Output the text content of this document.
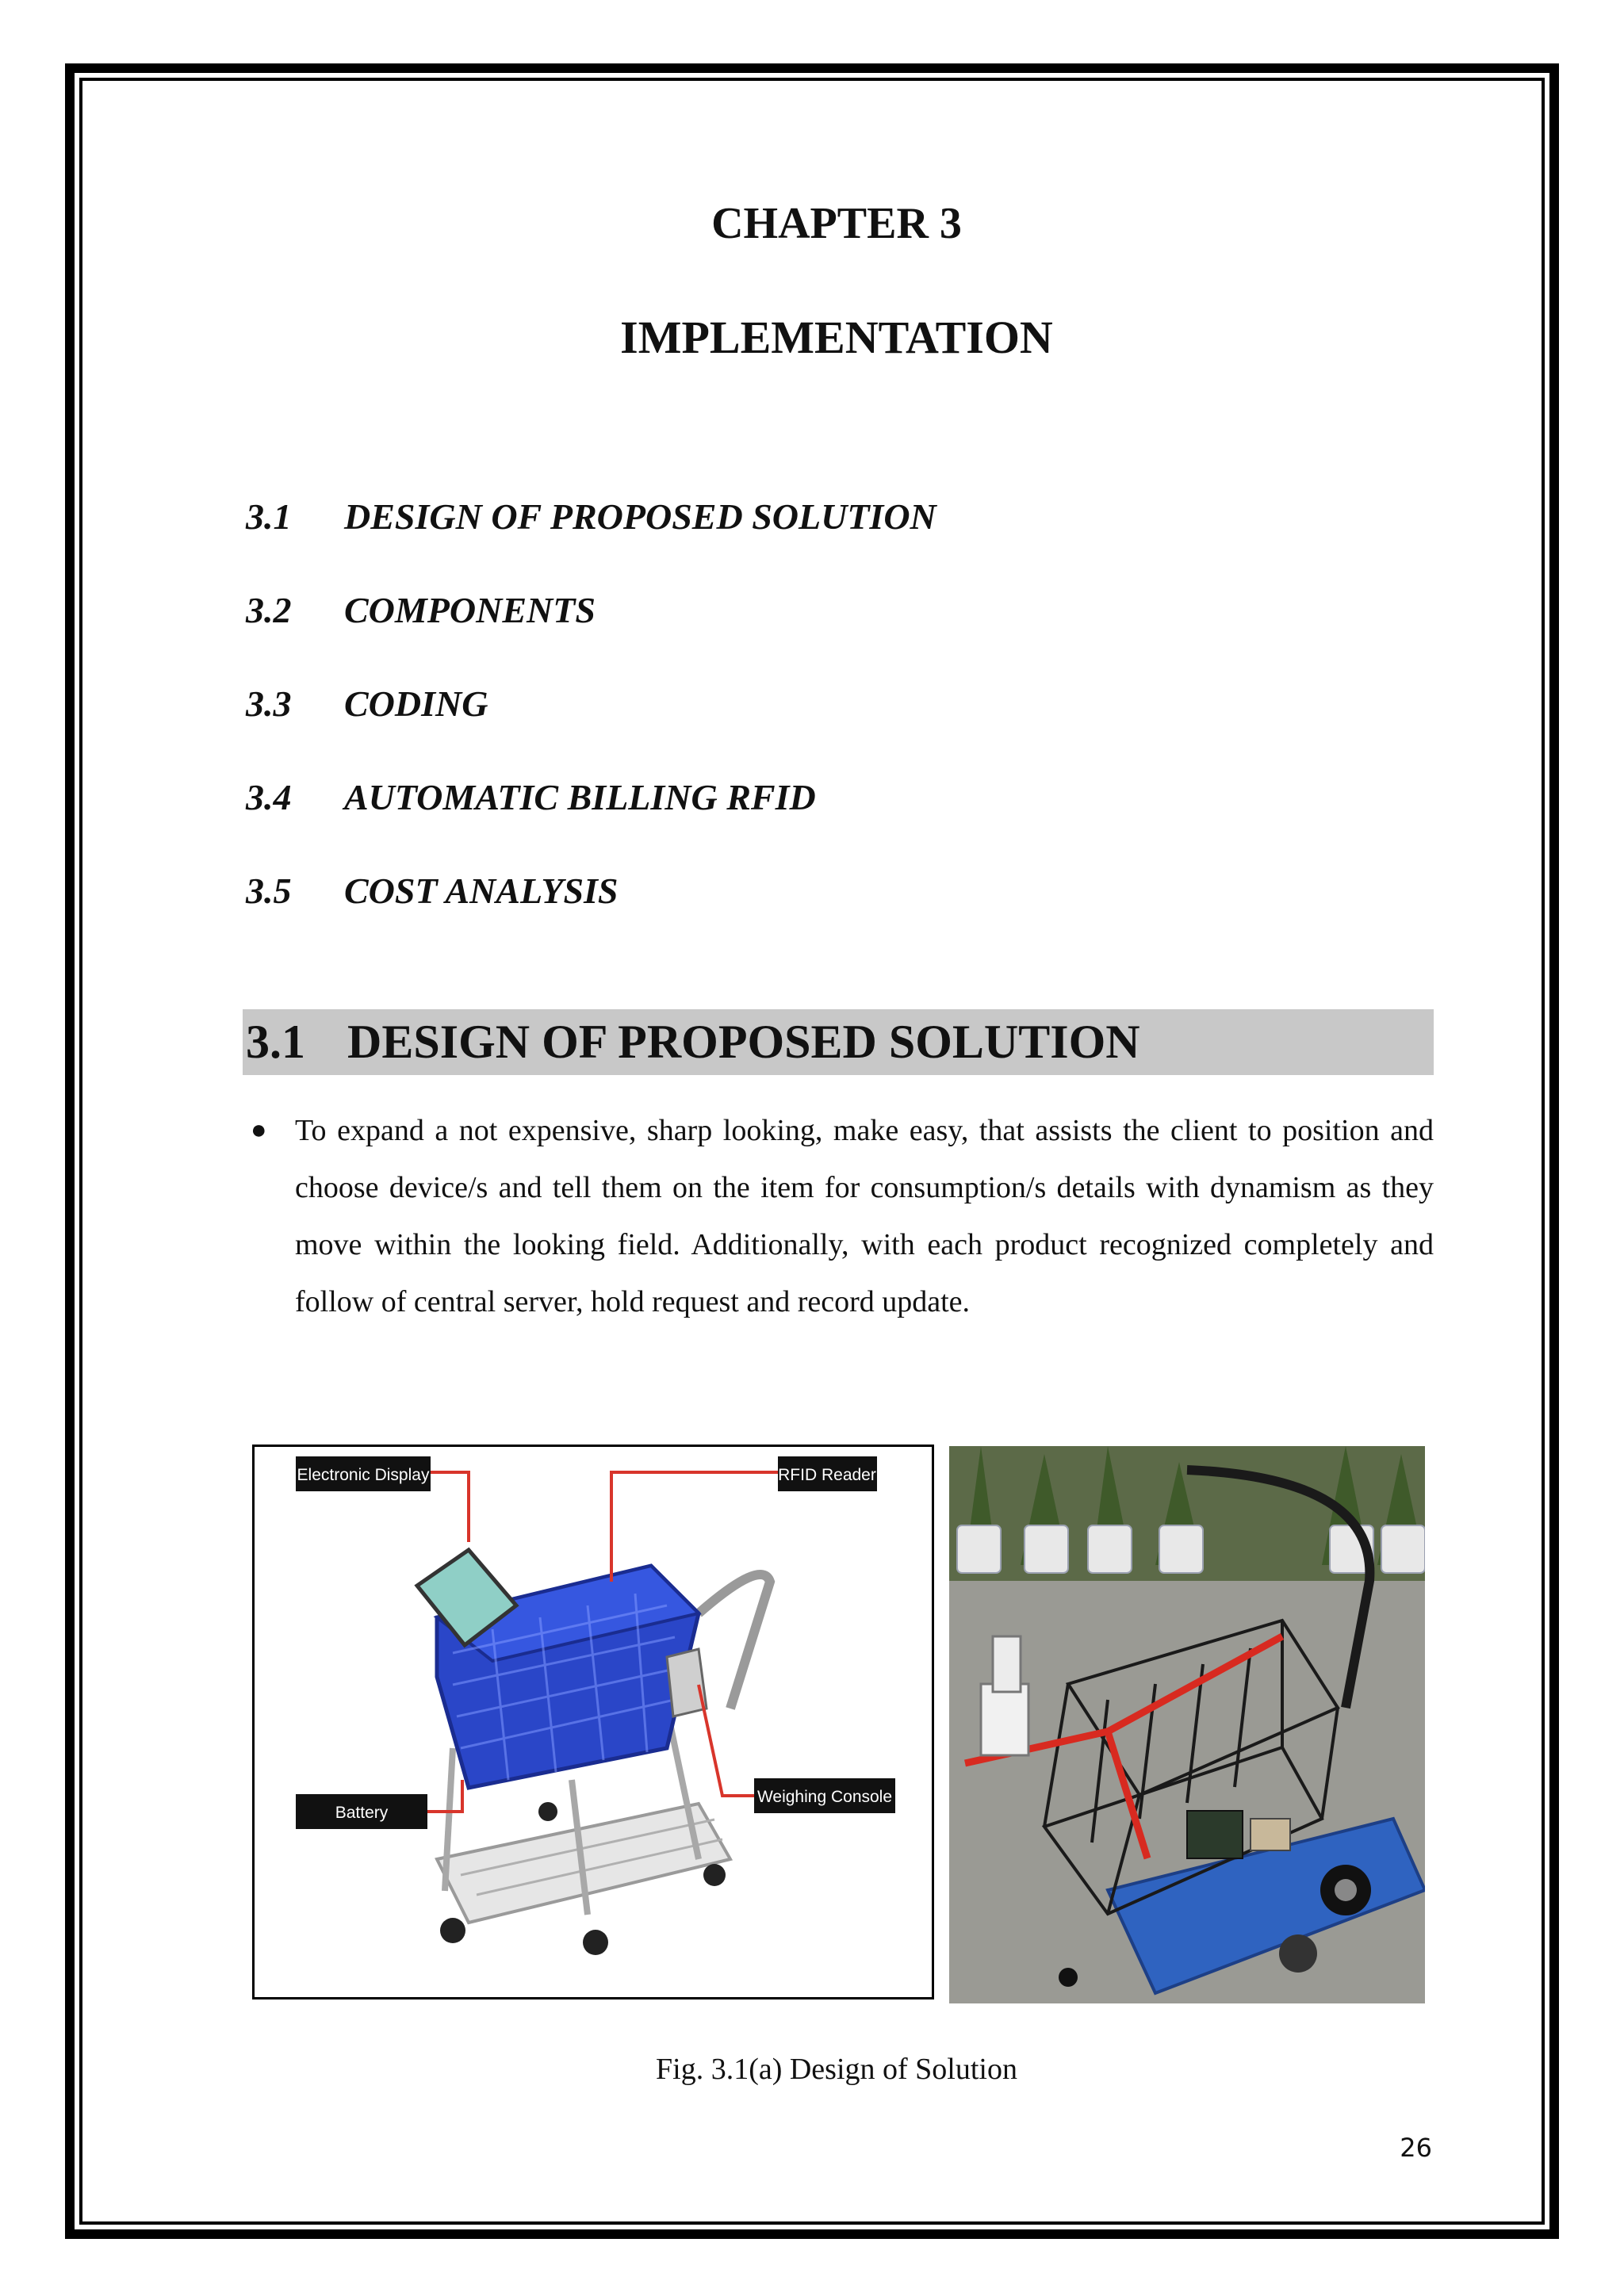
CHAPTER 3
IMPLEMENTATION
3.1	DESIGN OF PROPOSED SOLUTION
3.2	COMPONENTS
3.3	CODING
3.4	AUTOMATIC BILLING RFID
3.5	COST ANALYSIS
3.1 DESIGN OF PROPOSED SOLUTION
● To expand a not expensive, sharp looking, make easy, that assists the client to position and choose device/s and tell them on the item for consumption/s details with dynamism as they move within the looking field. Additionally, with each product recognized completely and follow of central server, hold request and record update.
Electronic Display	RFID Reader
Battery
Weighing Console
Fig. 3.1(a) Design of Solution
26
